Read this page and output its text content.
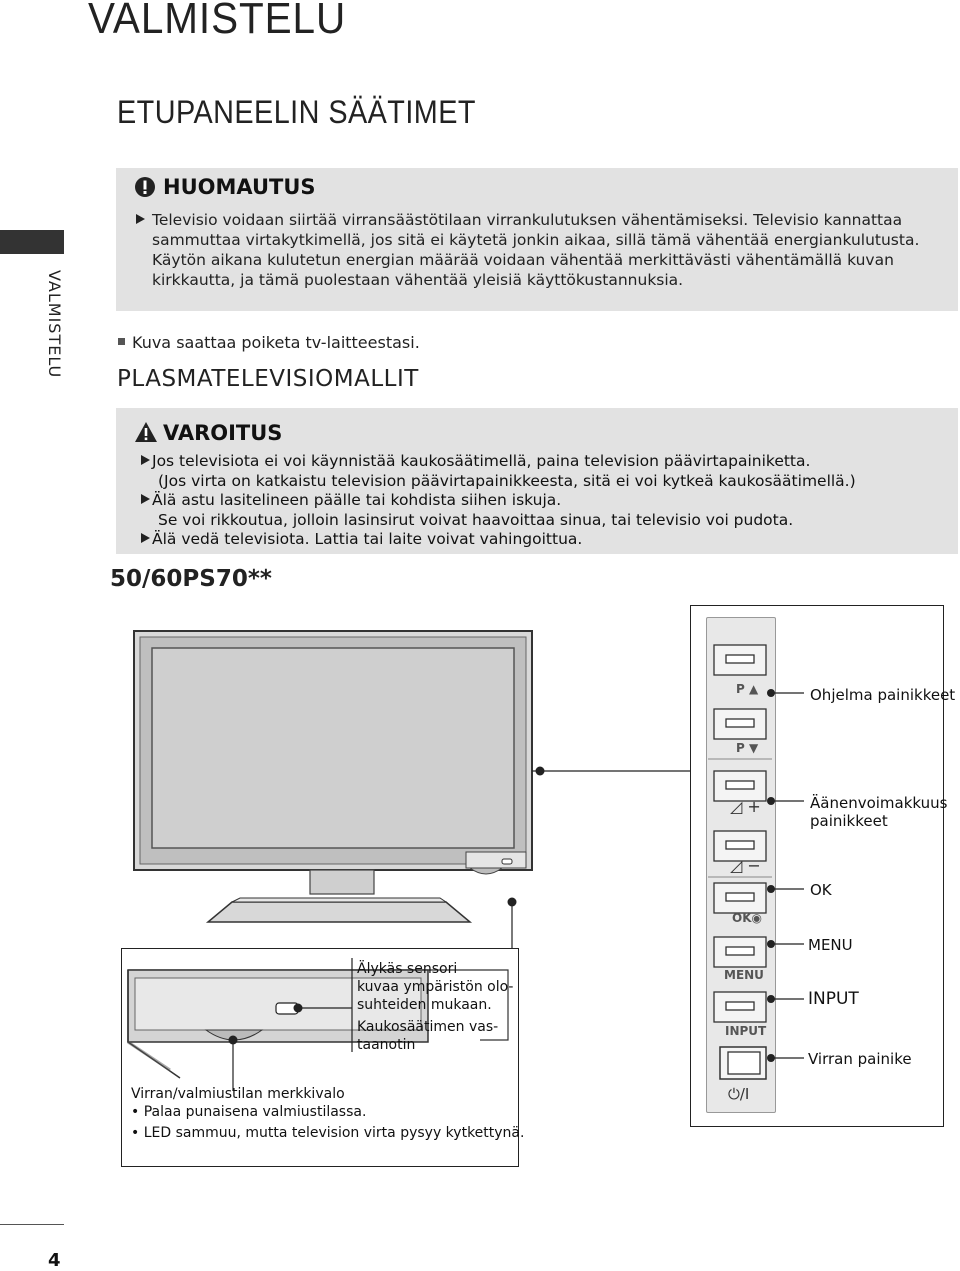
VALMISTELU
ETUPANEELIN SÄÄTIMET
VALMISTELU
HUOMAUTUS

Televisio voidaan siirtää virransäästötilaan virrankulutuksen vähentämiseksi. Televisio kannattaa sammuttaa virtakytkimellä, jos sitä ei käytetä jonkin aikaa, sillä tämä vähentää energiankulutusta.

Käytön aikana kulutetun energian määrää voidaan vähentää merkittävästi vähentämällä kuvan kirkkautta, ja tämä puolestaan vähentää yleisiä käyttökustannuksia.

Kuva saattaa poiketa tv-laitteestasi.
PLASMATELEVISIOMALLIT
VAROITUS

Jos televisiota ei voi käynnistää kaukosäätimellä, paina television päävirtapainiketta.

(Jos virta on katkaistu television päävirtapainikkeesta, sitä ei voi kytkeä kaukosäätimellä.)

Älä astu lasitelineen päälle tai kohdista siihen iskuja.

Se voi rikkoutua, jolloin lasinsirut voivat haavoittaa sinua, tai televisio voi pudota.

Älä vedä televisiota. Lattia tai laite voivat vahingoittua.

50/60PS70**
P ▲
P ▼
◿ +
◿ −
OK◉
MENU
INPUT
⏻/I
Ohjelma painikkeet
Äänenvoimakkuus
painikkeet
OK
MENU
INPUT
Virran painike
Älykäs sensori
kuvaa ympäristön olo-
suhteiden mukaan.
Kaukosäätimen vas-
taanotin
Virran/valmiustilan merkkivalo
• Palaa punaisena valmiustilassa.
• LED sammuu, mutta television virta pysyy kytkettynä.
4
